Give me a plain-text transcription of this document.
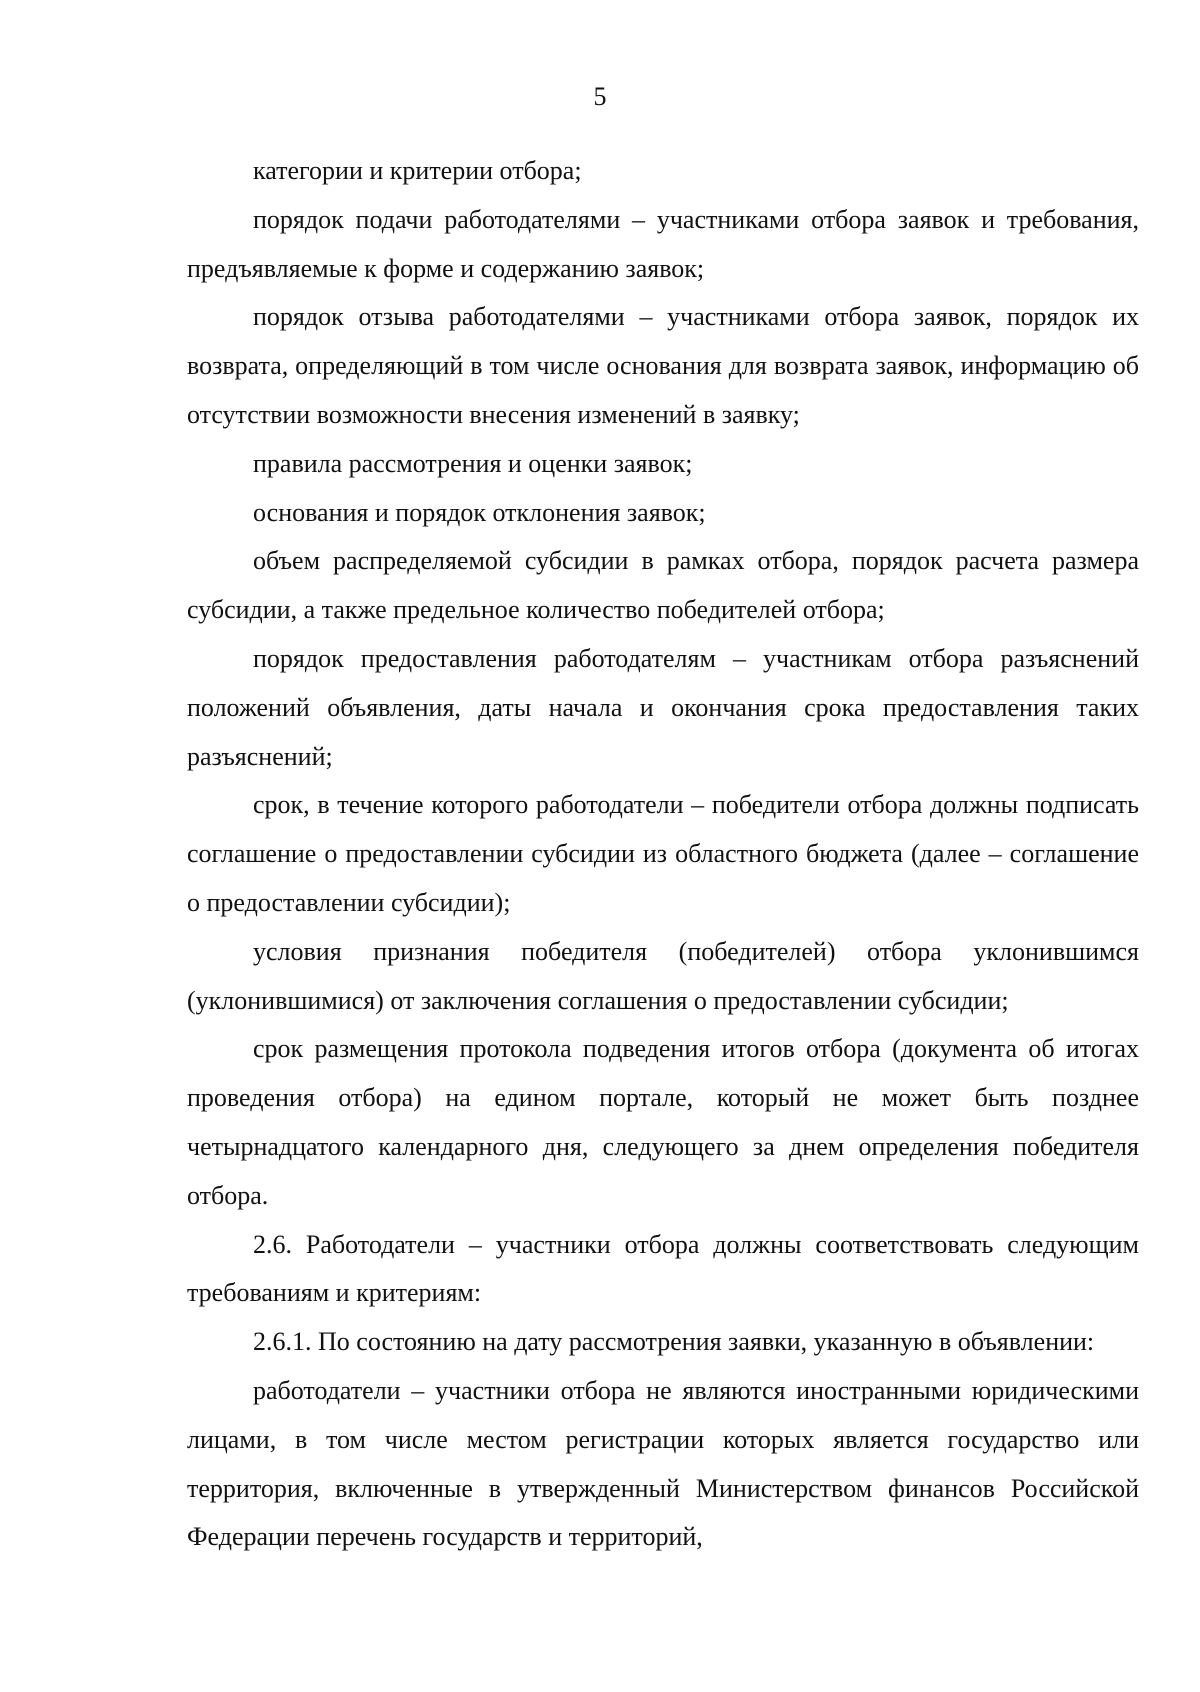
5

категории и критерии отбора;

порядок подачи работодателями – участниками отбора заявок и требования, предъявляемые к форме и содержанию заявок;

порядок отзыва работодателями – участниками отбора заявок, порядок их возврата, определяющий в том числе основания для возврата заявок, информацию об отсутствии возможности внесения изменений в заявку;

правила рассмотрения и оценки заявок;

основания и порядок отклонения заявок;

объем распределяемой субсидии в рамках отбора, порядок расчета размера субсидии, а также предельное количество победителей отбора;

порядок предоставления работодателям – участникам отбора разъяснений положений объявления, даты начала и окончания срока предоставления таких разъяснений;

срок, в течение которого работодатели – победители отбора должны подписать соглашение о предоставлении субсидии из областного бюджета (далее – соглашение о предоставлении субсидии);

условия признания победителя (победителей) отбора уклонившимся (уклонившимися) от заключения соглашения о предоставлении субсидии;

срок размещения протокола подведения итогов отбора (документа об итогах проведения отбора) на едином портале, который не может быть позднее четырнадцатого календарного дня, следующего за днем определения победителя отбора.

2.6. Работодатели – участники отбора должны соответствовать следующим требованиям и критериям:

2.6.1. По состоянию на дату рассмотрения заявки, указанную в объявлении:

работодатели – участники отбора не являются иностранными юридическими лицами, в том числе местом регистрации которых является государство или территория, включенные в утвержденный Министерством финансов Российской Федерации перечень государств и территорий,
